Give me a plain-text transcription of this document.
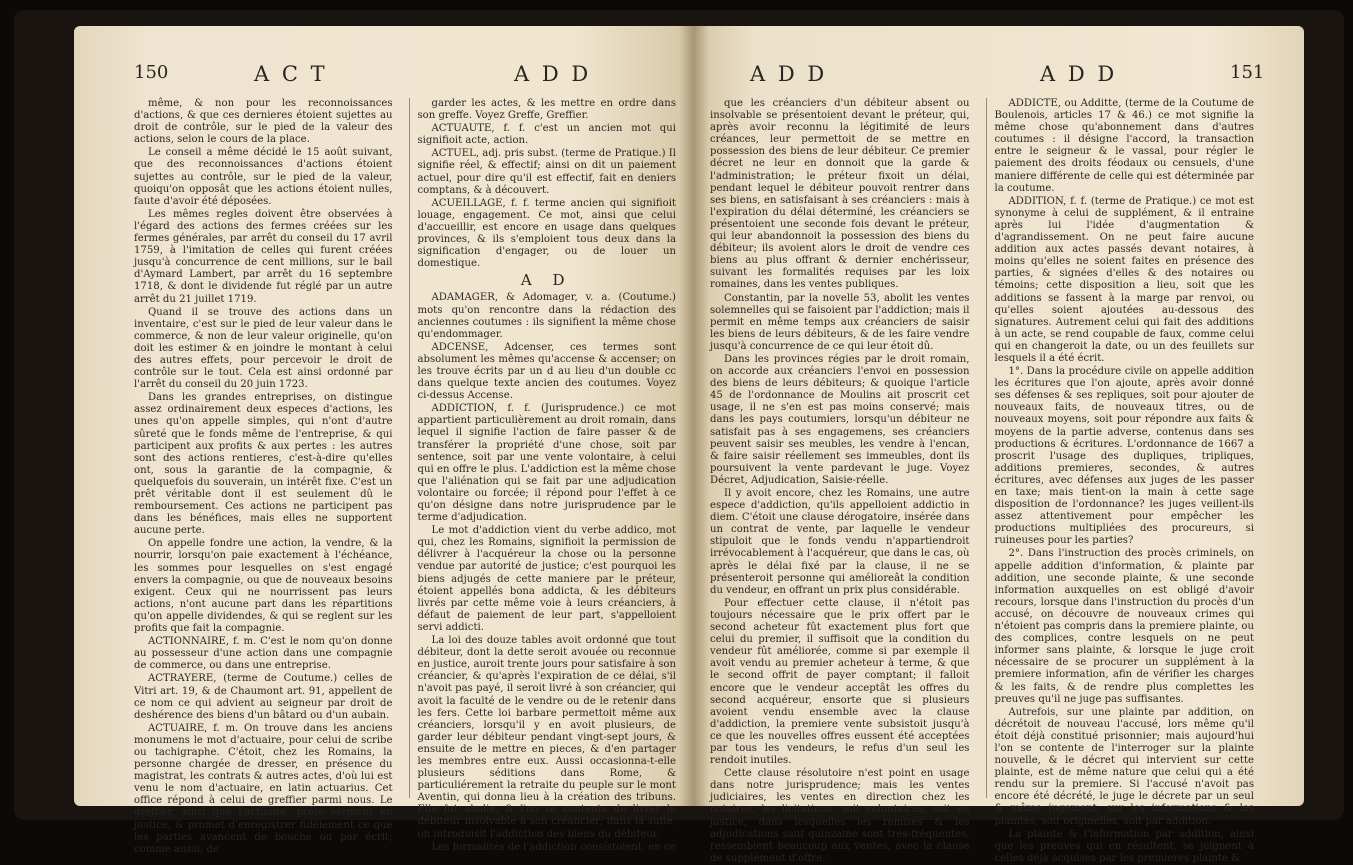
150	A C T	A D D

même, & non pour les reconnoissances d'actions, & que ces dernieres étoient sujettes au droit de contrôle, sur le pied de la valeur des actions, selon le cours de la place.

Le conseil a même décidé le 15 août suivant, que des reconnoissances d'actions étoient sujettes au contrôle, sur le pied de la valeur, quoiqu'on opposât que les actions étoient nulles, faute d'avoir été déposées.

Les mêmes regles doivent être observées à l'égard des actions des fermes créées sur les fermes générales, par arrêt du conseil du 17 avril 1759, à l'imitation de celles qui furent créées jusqu'à concurrence de cent millions, sur le bail d'Aymard Lambert, par arrêt du 16 septembre 1718, & dont le dividende fut réglé par un autre arrêt du 21 juillet 1719.

Quand il se trouve des actions dans un inventaire, c'est sur le pied de leur valeur dans le commerce, & non de leur valeur originelle, qu'on doit les estimer & en joindre le montant à celui des autres effets, pour percevoir le droit de contrôle sur le tout. Cela est ainsi ordonné par l'arrêt du conseil du 20 juin 1723.

Dans les grandes entreprises, on distingue assez ordinairement deux especes d'actions, les unes qu'on appelle simples, qui n'ont d'autre sûreté que le fonds même de l'entreprise, & qui participent aux profits & aux pertes : les autres sont des actions rentieres, c'est-à-dire qu'elles ont, sous la garantie de la compagnie, & quelquefois du souverain, un intérêt fixe. C'est un prêt véritable dont il est seulement dû le remboursement. Ces actions ne participent pas dans les bénéfices, mais elles ne supportent aucune perte.

On appelle fondre une action, la vendre, & la nourrir, lorsqu'on paie exactement à l'échéance, les sommes pour lesquelles on s'est engagé envers la compagnie, ou que de nouveaux besoins exigent. Ceux qui ne nourrissent pas leurs actions, n'ont aucune part dans les répartitions qu'on appelle dividendes, & qui se reglent sur les profits que fait la compagnie.

ACTIONNAIRE, f. m. C'est le nom qu'on donne au possesseur d'une action dans une compagnie de commerce, ou dans une entreprise.

ACTRAYERE, (terme de Coutume.) celles de Vitri art. 19, & de Chaumont art. 91, appellent de ce nom ce qui advient au seigneur par droit de deshérence des biens d'un bâtard ou d'un aubain.

ACTUAIRE, f. m. On trouve dans les anciens monumens le mot d'actuaire, pour celui de scribe ou tachigraphe. C'étoit, chez les Romains, la personne chargée de dresser, en présence du magistrat, les contrats & autres actes, d'où lui est venu le nom d'actuaire, en latin actuarius. Cet office répond à celui de greffier parmi nous. Le greffier, ainsi que l'actuaire, prête serment en justice, & promet d'enregistrer fidèlement ce que les parties avancent de bouche ou par écrit; comme aussi, de

garder les actes, & les mettre en ordre dans son greffe. Voyez Greffe, Greffier.

ACTUAUTE, f. f. c'est un ancien mot qui signifioit acte, action.

ACTUEL, adj. pris subst. (terme de Pratique.) Il signifie réel, & effectif; ainsi on dit un paiement actuel, pour dire qu'il est effectif, fait en deniers comptans, & à découvert.

ACUEILLAGE, f. f. terme ancien qui signifioit louage, engagement. Ce mot, ainsi que celui d'accueillir, est encore en usage dans quelques provinces, & ils s'emploient tous deux dans la signification d'engager, ou de louer un domestique.

A D

ADAMAGER, & Adomager, v. a. (Coutume.) mots qu'on rencontre dans la rédaction des anciennes coutumes : ils signifient la même chose qu'endommager.

ADCENSE, Adcenser, ces termes sont absolument les mêmes qu'accense & accenser; on les trouve écrits par un d au lieu d'un double cc dans quelque texte ancien des coutumes. Voyez ci-dessus Accense.

ADDICTION, f. f. (Jurisprudence.) ce mot appartient particulièrement au droit romain, dans lequel il signifie l'action de faire passer & de transférer la propriété d'une chose, soit par sentence, soit par une vente volontaire, à celui qui en offre le plus. L'addiction est la même chose que l'aliénation qui se fait par une adjudication volontaire ou forcée; il répond pour l'effet à ce qu'on désigne dans notre jurisprudence par le terme d'adjudication.

Le mot d'addiction vient du verbe addico, mot qui, chez les Romains, signifioit la permission de délivrer à l'acquéreur la chose ou la personne vendue par autorité de justice; c'est pourquoi les biens adjugés de cette maniere par le préteur, étoient appellés bona addicta, & les débiteurs livrés par cette même voie à leurs créanciers, à défaut de paiement de leur part, s'appelloient servi addicti.

La loi des douze tables avoit ordonné que tout débiteur, dont la dette seroit avouée ou reconnue en justice, auroit trente jours pour satisfaire à son créancier, & qu'après l'expiration de ce délai, s'il n'avoit pas payé, il seroit livré à son créancier, qui avoit la faculté de le vendre ou de le retenir dans les fers. Cette loi barbare permettoit même aux créanciers, lorsqu'il y en avoit plusieurs, de garder leur débiteur pendant vingt-sept jours, & ensuite de le mettre en pieces, & d'en partager les membres entre eux. Aussi occasionna-t-elle plusieurs séditions dans Rome, & particuliérement la retraite du peuple sur le mont Aventin, qui donna lieu à la création des tribuns. Elle fut abolie, & l'on se contenta de livrer le débiteur insolvable à son créancier; dans la suite, on introduisit l'addiction des biens du débiteur.

Les formalités de l'addiction consistoient, en ce

A D D	A D D	151

que les créanciers d'un débiteur absent ou insolvable se présentoient devant le préteur, qui, après avoir reconnu la légitimité de leurs créances, leur permettoit de se mettre en possession des biens de leur débiteur. Ce premier décret ne leur en donnoit que la garde & l'administration; le préteur fixoit un délai, pendant lequel le débiteur pouvoit rentrer dans ses biens, en satisfaisant à ses créanciers : mais à l'expiration du délai déterminé, les créanciers se présentoient une seconde fois devant le préteur, qui leur abandonnoit la possession des biens du débiteur; ils avoient alors le droit de vendre ces biens au plus offrant & dernier enchérisseur, suivant les formalités requises par les loix romaines, dans les ventes publiques.

Constantin, par la novelle 53, abolit les ventes solemnelles qui se faisoient par l'addiction; mais il permit en même temps aux créanciers de saisir les biens de leurs débiteurs, & de les faire vendre jusqu'à concurrence de ce qui leur étoit dû.

Dans les provinces régies par le droit romain, on accorde aux créanciers l'envoi en possession des biens de leurs débiteurs; & quoique l'article 45 de l'ordonnance de Moulins ait proscrit cet usage, il ne s'en est pas moins conservé; mais dans les pays coutumiers, lorsqu'un débiteur ne satisfait pas à ses engagemens, ses créanciers peuvent saisir ses meubles, les vendre à l'encan, & faire saisir réellement ses immeubles, dont ils poursuivent la vente pardevant le juge. Voyez Décret, Adjudication, Saisie-réelle.

Il y avoit encore, chez les Romains, une autre espece d'addiction, qu'ils appelloient addictio in diem. C'étoit une clause dérogatoire, insérée dans un contrat de vente, par laquelle le vendeur stipuloit que le fonds vendu n'appartiendroit irrévocablement à l'acquéreur, que dans le cas, où après le délai fixé par la clause, il ne se présenteroit personne qui amélioreât la condition du vendeur, en offrant un prix plus considérable.

Pour effectuer cette clause, il n'étoit pas toujours nécessaire que le prix offert par le second acheteur fût exactement plus fort que celui du premier, il suffisoit que la condition du vendeur fût améliorée, comme si par exemple il avoit vendu au premier acheteur à terme, & que le second offrit de payer comptant; il falloit encore que le vendeur acceptât les offres du second acquéreur, ensorte que si plusieurs avoient vendu ensemble avec la clause d'addiction, la premiere vente subsistoit jusqu'à ce que les nouvelles offres eussent été acceptées par tous les vendeurs, le refus d'un seul les rendoit inutiles.

Cette clause résolutoire n'est point en usage dans notre jurisprudence; mais les ventes judiciaires, les ventes en direction chez les notaires, les licitations, soit volontaires, soit en justice, dans lesquelles les remises & les adjudications sauf quinzaine sont très-fréquentes, ressemblent beaucoup aux ventes, avec la clause de supplément d'offre.

ADDICTE, ou Additte, (terme de la Coutume de Boulenois, articles 17 & 46.) ce mot signifie la même chose qu'abonnement dans d'autres coutumes : il désigne l'accord, la transaction entre le seigneur & le vassal, pour régler le paiement des droits féodaux ou censuels, d'une maniere différente de celle qui est déterminée par la coutume.

ADDITION, f. f. (terme de Pratique.) ce mot est synonyme à celui de supplément, & il entraine après lui l'idée d'augmentation & d'agrandissement. On ne peut faire aucune addition aux actes passés devant notaires, à moins qu'elles ne soient faites en présence des parties, & signées d'elles & des notaires ou témoins; cette disposition a lieu, soit que les additions se fassent à la marge par renvoi, ou qu'elles soient ajoutées au-dessous des signatures. Autrement celui qui fait des additions à un acte, se rend coupable de faux, comme celui qui en changeroit la date, ou un des feuillets sur lesquels il a été écrit.

1°. Dans la procédure civile on appelle addition les écritures que l'on ajoute, après avoir donné ses défenses & ses repliques, soit pour ajouter de nouveaux faits, de nouveaux titres, ou de nouveaux moyens, soit pour répondre aux faits & moyens de la partie adverse, contenus dans ses productions & écritures. L'ordonnance de 1667 a proscrit l'usage des dupliques, tripliques, additions premieres, secondes, & autres écritures, avec défenses aux juges de les passer en taxe; mais tient-on la main à cette sage disposition de l'ordonnance? les juges veillent-ils assez attentivement pour empêcher les productions multipliées des procureurs, si ruineuses pour les parties?

2°. Dans l'instruction des procès criminels, on appelle addition d'information, & plainte par addition, une seconde plainte, & une seconde information auxquelles on est obligé d'avoir recours, lorsque dans l'instruction du procès d'un accusé, on découvre de nouveaux crimes qui n'étoient pas compris dans la premiere plainte, ou des complices, contre lesquels on ne peut informer sans plainte, & lorsque le juge croit nécessaire de se procurer un supplément à la premiere information, afin de vérifier les charges & les faits, & de rendre plus complettes les preuves qu'il ne juge pas suffisantes.

Autrefois, sur une plainte par addition, on décrétoit de nouveau l'accusé, lors même qu'il étoit déjà constitué prisonnier; mais aujourd'hui l'on se contente de l'interroger sur la plainte nouvelle, & le décret qui intervient sur cette plainte, est de même nature que celui qui a été rendu sur la premiere. Si l'accusé n'avoit pas encore été décrété, le juge le décrete par un seul & même jugement, sur les informations & les plaintes, soit originelles, soit par addition.

La plainte & l'information par addition, ainsi que les preuves qui en résultent, se joignent à celles déjà acquises par les premieres plainte &
